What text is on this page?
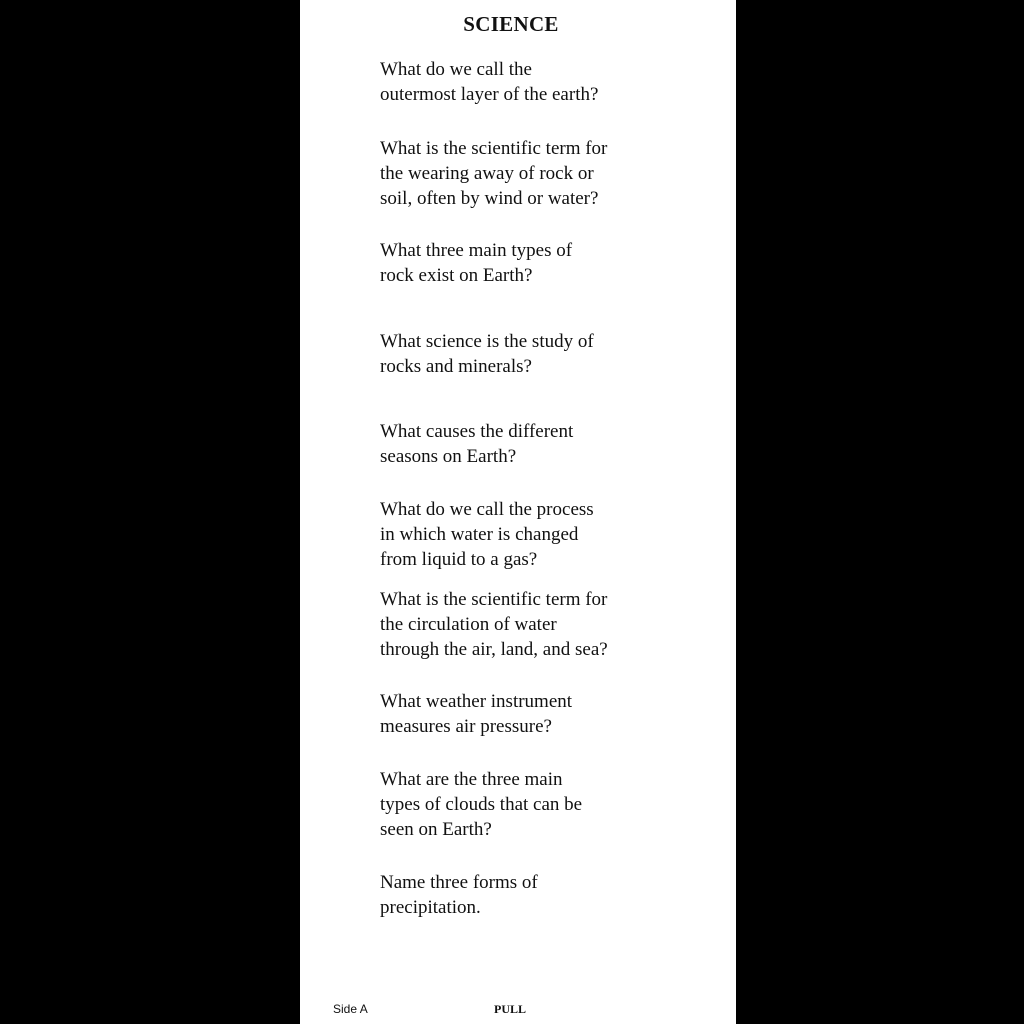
SCIENCE
What do we call the
outermost layer of the earth?
What is the scientific term for
the wearing away of rock or
soil, often by wind or water?
What three main types of
rock exist on Earth?
What science is the study of
rocks and minerals?
What causes the different
seasons on Earth?
What do we call the process
in which water is changed
from liquid to a gas?
What is the scientific term for
the circulation of water
through the air, land, and sea?
What weather instrument
measures air pressure?
What are the three main
types of clouds that can be
seen on Earth?
Name three forms of
precipitation.
Side A	PULL
